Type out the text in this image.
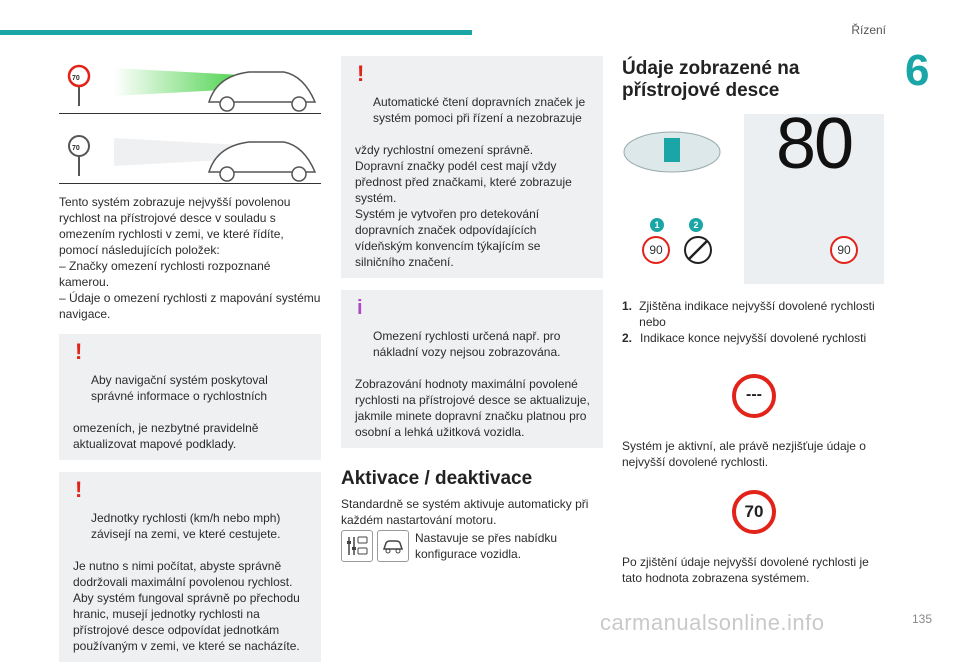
Řízení
6
70
70
Tento systém zobrazuje nejvyšší povolenou rychlost na přístrojové desce v souladu s omezením rychlosti v zemi, ve které řídíte, pomocí následujících položek:
– Značky omezení rychlosti rozpoznané kamerou.
– Údaje o omezení rychlosti z mapování systému navigace.

!

Aby navigační systém poskytoval správné informace o rychlostních

omezeních, je nezbytné pravidelně aktualizovat mapové podklady.

!

Jednotky rychlosti (km/h nebo mph) závisejí na zemi, ve které cestujete.

Je nutno s nimi počítat, abyste správně dodržovali maximální povolenou rychlost.
Aby systém fungoval správně po přechodu hranic, musejí jednotky rychlosti na přístrojové desce odpovídat jednotkám používaným v zemi, ve které se nacházíte.

!

Automatické čtení dopravních značek je systém pomoci při řízení a nezobrazuje

vždy rychlostní omezení správně.
Dopravní značky podél cest mají vždy přednost před značkami, které zobrazuje systém.
Systém je vytvořen pro detekování dopravních značek odpovídajících vídeňským konvencím týkajícím se silničního značení.

i

Omezení rychlosti určená např. pro nákladní vozy nejsou zobrazována.

Zobrazování hodnoty maximální povolené rychlosti na přístrojové desce se aktualizuje, jakmile minete dopravní značku platnou pro osobní a lehká užitková vozidla.

Aktivace / deaktivace
Standardně se systém aktivuje automaticky při každém nastartování motoru.
Nastavuje se přes nabídku konfigurace vozidla.
Údaje zobrazené na přístrojové desce
1	2
90
80
90
1. Zjištěna indikace nejvyšší dovolené rychlosti nebo
2. Indikace konce nejvyšší dovolené rychlosti
---
Systém je aktivní, ale právě nezjišťuje údaje o nejvyšší dovolené rychlosti.
70
Po zjištění údaje nejvyšší dovolené rychlosti je tato hodnota zobrazena systémem.
carmanualsonline.info	135
